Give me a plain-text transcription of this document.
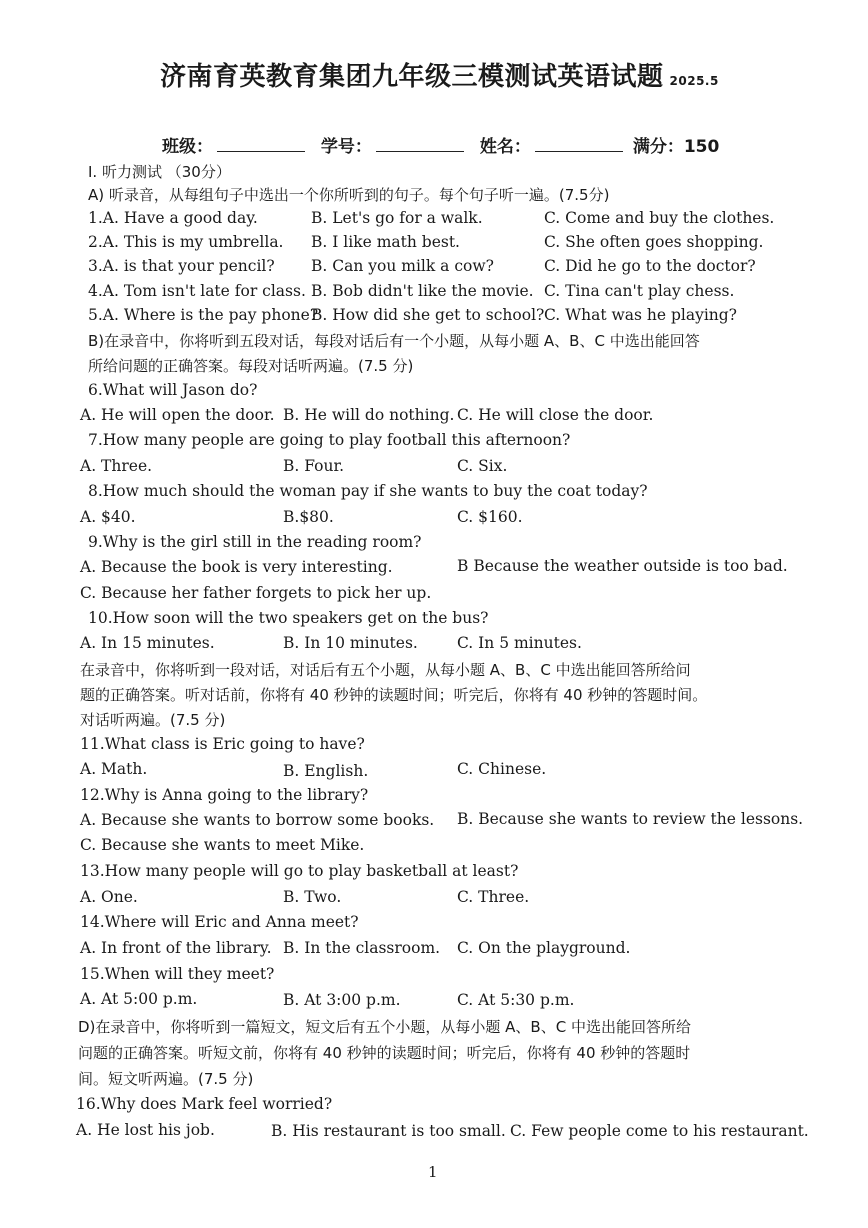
济南育英教育集团九年级三模测试英语试题 2025.5
班级：	学号：	姓名：	满分：150
I. 听力测试 （30分）
A) 听录音，从每组句子中选出一个你所听到的句子。每个句子听一遍。(7.5分)
1.A. Have a good day.	B. Let's go for a walk.	C. Come and buy the clothes.
2.A. This is my umbrella. B. I like math best.	C. She often goes shopping.
3.A. is that your pencil? B. Can you milk a cow?	C. Did he go to the doctor?
4.A. Tom isn't late for class. B. Bob didn't like the movie. C. Tina can't play chess.
5.A. Where is the pay phone?
B. How did she get to school? C. What was he playing?
B)在录音中，你将听到五段对话，每段对话后有一个小题，从每小题 A、B、C 中选出能回答
所给问题的正确答案。每段对话听两遍。(7.5 分)
6.What will Jason do?
A. He will open the door. B. He will do nothing. C. He will close the door.
7.How many people are going to play football this afternoon?
A. Three.	B. Four.	C. Six.
8.How much should the woman pay if she wants to buy the coat today?
A. $40.	B.$80.	C. $160.
9.Why is the girl still in the reading room?
A. Because the book is very interesting.	B Because the weather outside is too bad.
C. Because her father forgets to pick her up.
10.How soon will the two speakers get on the bus?
A. In 15 minutes.	B. In 10 minutes.	C. In 5 minutes.
在录音中，你将听到一段对话，对话后有五个小题，从每小题 A、B、C 中选出能回答所给问
题的正确答案。听对话前，你将有 40 秒钟的读题时间；听完后，你将有 40 秒钟的答题时间。
对话听两遍。(7.5 分)
11.What class is Eric going to have?
A. Math.	B. English.	C. Chinese.
12.Why is Anna going to the library?
A. Because she wants to borrow some books. B. Because she wants to review the lessons.
C. Because she wants to meet Mike.
13.How many people will go to play basketball at least?
A. One.	B. Two.	C. Three.
14.Where will Eric and Anna meet?
A. In front of the library. B. In the classroom. C. On the playground.
15.When will they meet?
A. At 5:00 p.m.	B. At 3:00 p.m.	C. At 5:30 p.m.
D)在录音中，你将听到一篇短文，短文后有五个小题，从每小题 A、B、C 中选出能回答所给
问题的正确答案。听短文前，你将有 40 秒钟的读题时间；听完后，你将有 40 秒钟的答题时
间。短文听两遍。(7.5 分)
16.Why does Mark feel worried?
A. He lost his job.	B. His restaurant is too small. C. Few people come to his restaurant.
1
